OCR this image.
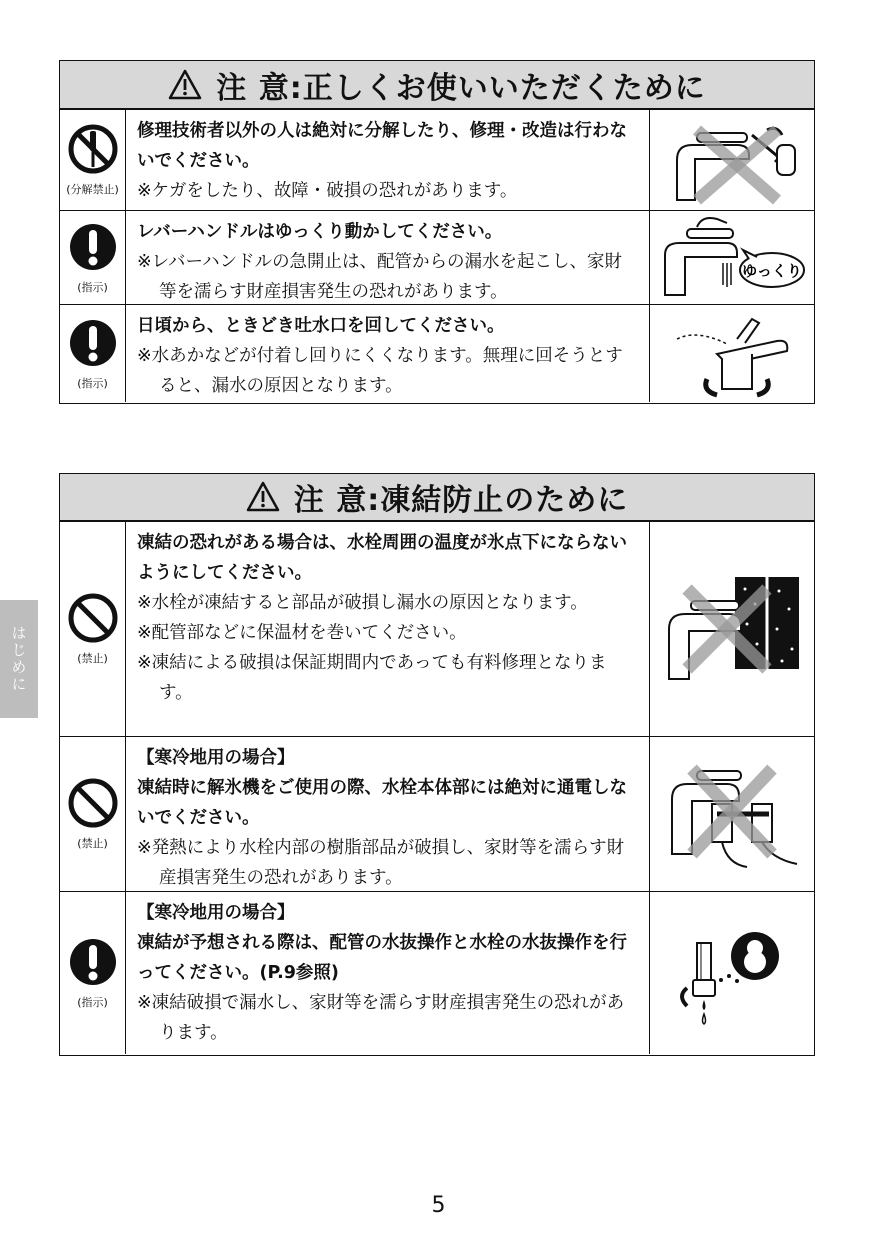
注 意:正しくお使いいただくために
(分解禁止)
修理技術者以外の人は絶対に分解したり、修理・改造は行わないでください。
※ケガをしたり、故障・破損の恐れがあります。
(指示)
レバーハンドルはゆっくり動かしてください。
※レバーハンドルの急開止は、配管からの漏水を起こし、家財等を濡らす財産損害発生の恐れがあります。
ゆっくり
(指示)
日頃から、ときどき吐水口を回してください。
※水あかなどが付着し回りにくくなります。無理に回そうとすると、漏水の原因となります。
注 意:凍結防止のために
(禁止)
凍結の恐れがある場合は、水栓周囲の温度が氷点下にならないようにしてください。
※水栓が凍結すると部品が破損し漏水の原因となります。
※配管部などに保温材を巻いてください。
※凍結による破損は保証期間内であっても有料修理となります。
(禁止)
【寒冷地用の場合】
凍結時に解氷機をご使用の際、水栓本体部には絶対に通電しないでください。
※発熱により水栓内部の樹脂部品が破損し、家財等を濡らす財産損害発生の恐れがあります。
(指示)
【寒冷地用の場合】
凍結が予想される際は、配管の水抜操作と水栓の水抜操作を行ってください。(P.9参照)
※凍結破損で漏水し、家財等を濡らす財産損害発生の恐れがあります。
はじめに
5
